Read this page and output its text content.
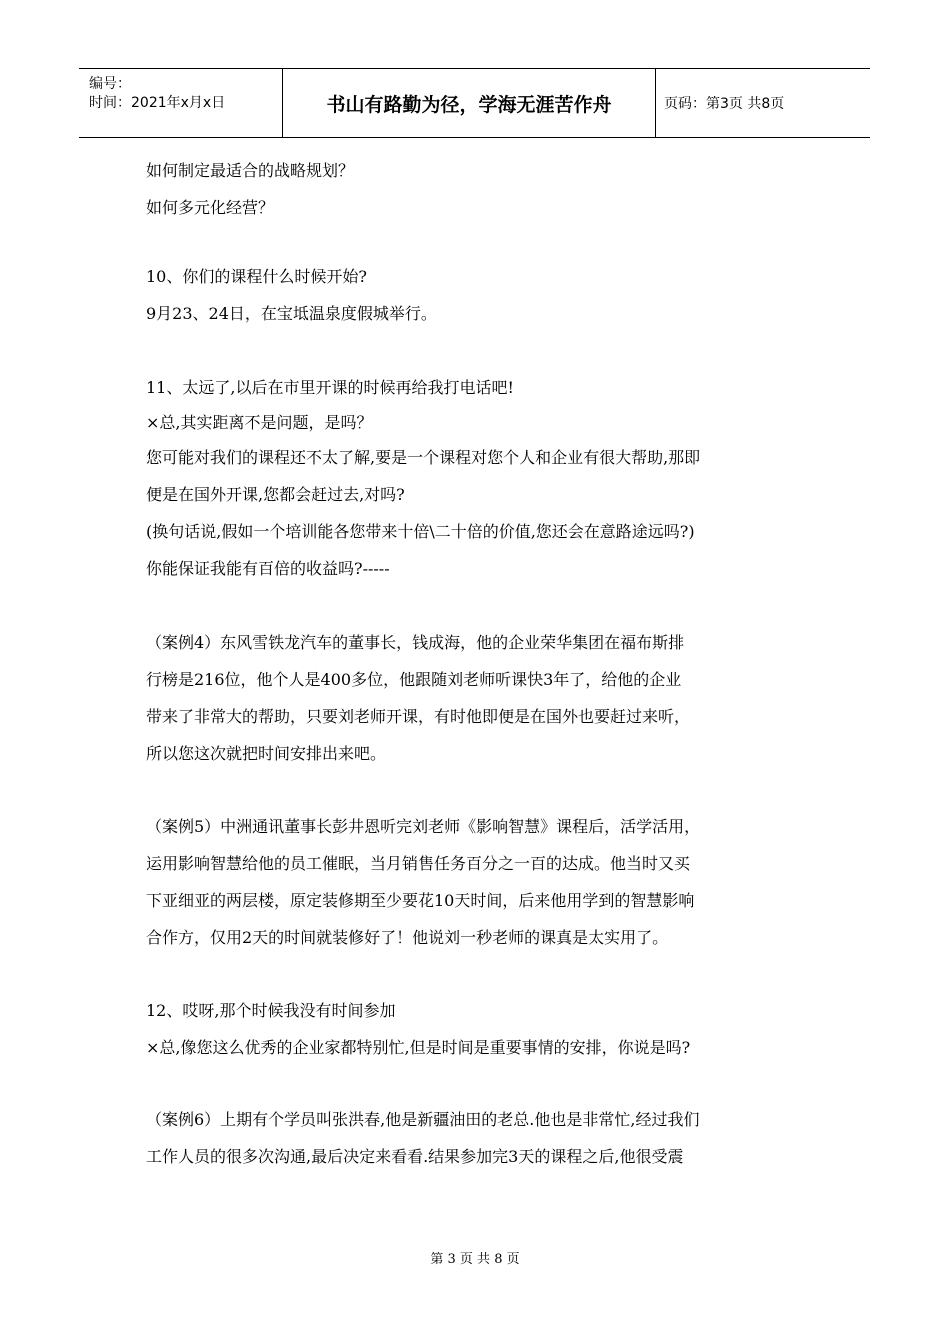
编号：
时间：2021年x月x日	书山有路勤为径，学海无涯苦作舟	页码：第3页 共8页
如何制定最适合的战略规划？
如何多元化经营？
10、你们的课程什么时候开始?
9月23、24日，在宝坻温泉度假城举行。
11、太远了,以后在市里开课的时候再给我打电话吧!
×总,其实距离不是问题，是吗？
您可能对我们的课程还不太了解,要是一个课程对您个人和企业有很大帮助,那即
便是在国外开课,您都会赶过去,对吗?
(换句话说,假如一个培训能各您带来十倍\二十倍的价值,您还会在意路途远吗?)
你能保证我能有百倍的收益吗?-----
（案例4）东风雪铁龙汽车的董事长，钱成海，他的企业荣华集团在福布斯排
行榜是216位，他个人是400多位，他跟随刘老师听课快3年了，给他的企业
带来了非常大的帮助，只要刘老师开课，有时他即便是在国外也要赶过来听，
所以您这次就把时间安排出来吧。
（案例5）中洲通讯董事长彭井恩听完刘老师《影响智慧》课程后，活学活用，
运用影响智慧给他的员工催眠，当月销售任务百分之一百的达成。他当时又买
下亚细亚的两层楼，原定装修期至少要花10天时间，后来他用学到的智慧影响
合作方，仅用2天的时间就装修好了！他说刘一秒老师的课真是太实用了。
12、哎呀,那个时候我没有时间参加
×总,像您这么优秀的企业家都特别忙,但是时间是重要事情的安排，你说是吗?
（案例6）上期有个学员叫张洪春,他是新疆油田的老总.他也是非常忙,经过我们
工作人员的很多次沟通,最后决定来看看.结果参加完3天的课程之后,他很受震
第 3 页 共 8 页
